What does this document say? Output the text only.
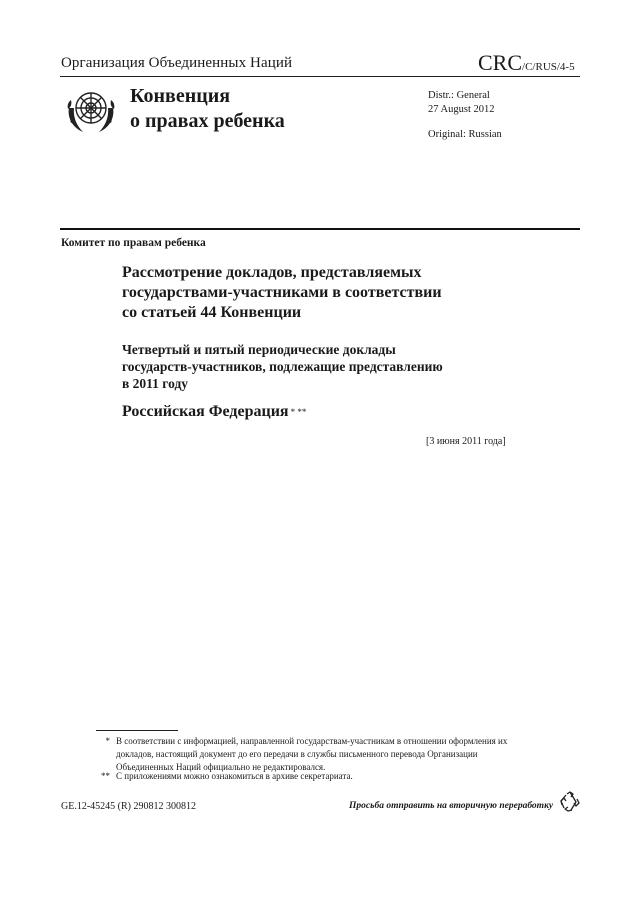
Организация Объединенных Наций	CRC/C/RUS/4-5
Конвенция
о правах ребенка
Distr.: General
27 August 2012
Original: Russian
Комитет по правам ребенка
Рассмотрение докладов, представляемых
государствами-участниками в соответствии
со статьей 44 Конвенции
Четвертый и пятый периодические доклады
государств-участников, подлежащие представлению
в 2011 году
Российская Федерация * **
[3 июня 2011 года]
* В соответствии с информацией, направленной государствам-участникам в отношении оформления их докладов, настоящий документ до его передачи в службы письменного перевода Организации Объединенных Наций официально не редактировался.
** С приложениями можно ознакомиться в архиве секретариата.
GE.12-45245 (R) 290812 300812	Просьба отправить на вторичную переработку
